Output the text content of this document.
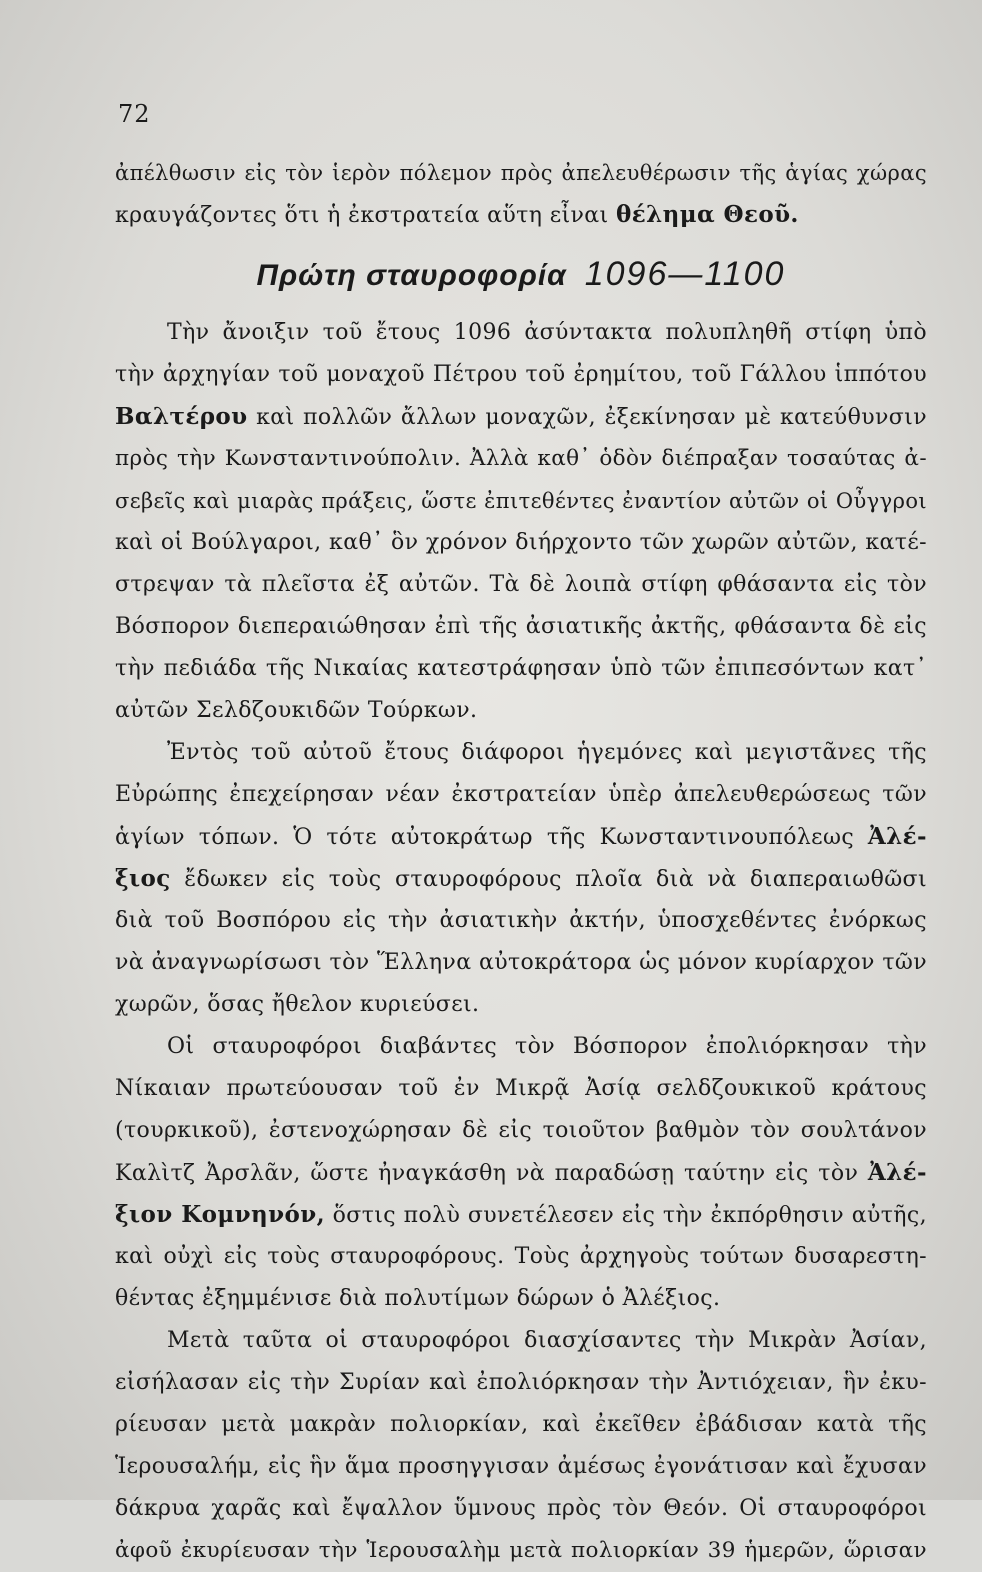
72
ἀπέλθωσιν εἰς τὸν ἱερὸν πόλεμον πρὸς ἀπελευθέρωσιν τῆς ἁγίας χώρας
κραυγάζοντες ὅτι ἡ ἐκστρατεία αὕτη εἶναι θέλημα Θεοῦ.
Πρώτη σταυροφορία 1096—1100
Τὴν ἄνοιξιν τοῦ ἔτους 1096 ἀσύντακτα πολυπληθῆ στίφη ὑπὸ
τὴν ἀρχηγίαν τοῦ μοναχοῦ Πέτρου τοῦ ἐρημίτου, τοῦ Γάλλου ἱππότου
Βαλτέρου καὶ πολλῶν ἄλλων μοναχῶν, ἐξεκίνησαν μὲ κατεύθυνσιν
πρὸς τὴν Κωνσταντινούπολιν. Ἀλλὰ καθ᾽ ὁδὸν διέπραξαν τοσαύτας ἀ-
σεβεῖς καὶ μιαρὰς πράξεις, ὥστε ἐπιτεθέντες ἐναντίον αὐτῶν οἱ Οὖγγροι
καὶ οἱ Βούλγαροι, καθ᾽ ὃν χρόνον διήρχοντο τῶν χωρῶν αὐτῶν, κατέ-
στρεψαν τὰ πλεῖστα ἐξ αὐτῶν. Τὰ δὲ λοιπὰ στίφη φθάσαντα εἰς τὸν
Βόσπορον διεπεραιώθησαν ἐπὶ τῆς ἀσιατικῆς ἀκτῆς, φθάσαντα δὲ εἰς
τὴν πεδιάδα τῆς Νικαίας κατεστράφησαν ὑπὸ τῶν ἐπιπεσόντων κατ᾽
αὐτῶν Σελδζουκιδῶν Τούρκων.
Ἐντὸς τοῦ αὐτοῦ ἔτους διάφοροι ἡγεμόνες καὶ μεγιστᾶνες τῆς
Εὐρώπης ἐπεχείρησαν νέαν ἐκστρατείαν ὑπὲρ ἀπελευθερώσεως τῶν
ἁγίων τόπων. Ὁ τότε αὐτοκράτωρ τῆς Κωνσταντινουπόλεως Ἀλέ-
ξιος ἔδωκεν εἰς τοὺς σταυροφόρους πλοῖα διὰ νὰ διαπεραιωθῶσι
διὰ τοῦ Βοσπόρου εἰς τὴν ἀσιατικὴν ἀκτήν, ὑποσχεθέντες ἐνόρκως
νὰ ἀναγνωρίσωσι τὸν Ἕλληνα αὐτοκράτορα ὡς μόνον κυρίαρχον τῶν
χωρῶν, ὅσας ἤθελον κυριεύσει.
Οἱ σταυροφόροι διαβάντες τὸν Βόσπορον ἐπολιόρκησαν τὴν
Νίκαιαν πρωτεύουσαν τοῦ ἐν Μικρᾷ Ἀσίᾳ σελδζουκικοῦ κράτους
(τουρκικοῦ), ἐστενοχώρησαν δὲ εἰς τοιοῦτον βαθμὸν τὸν σουλτάνον
Καλὶτζ Ἀρσλᾶν, ὥστε ἠναγκάσθη νὰ παραδώσῃ ταύτην εἰς τὸν Ἀλέ-
ξιον Κομνηνόν, ὅστις πολὺ συνετέλεσεν εἰς τὴν ἐκπόρθησιν αὐτῆς,
καὶ οὐχὶ εἰς τοὺς σταυροφόρους. Τοὺς ἀρχηγοὺς τούτων δυσαρεστη-
θέντας ἐξημμένισε διὰ πολυτίμων δώρων ὁ Ἀλέξιος.
Μετὰ ταῦτα οἱ σταυροφόροι διασχίσαντες τὴν Μικρὰν Ἀσίαν,
εἰσήλασαν εἰς τὴν Συρίαν καὶ ἐπολιόρκησαν τὴν Ἀντιόχειαν, ἣν ἐκυ-
ρίευσαν μετὰ μακρὰν πολιορκίαν, καὶ ἐκεῖθεν ἐβάδισαν κατὰ τῆς
Ἱερουσαλήμ, εἰς ἣν ἅμα προσηγγισαν ἀμέσως ἐγονάτισαν καὶ ἔχυσαν
δάκρυα χαρᾶς καὶ ἔψαλλον ὕμνους πρὸς τὸν Θεόν. Οἱ σταυροφόροι
ἀφοῦ ἐκυρίευσαν τὴν Ἱερουσαλὴμ μετὰ πολιορκίαν 39 ἡμερῶν, ὥρισαν
